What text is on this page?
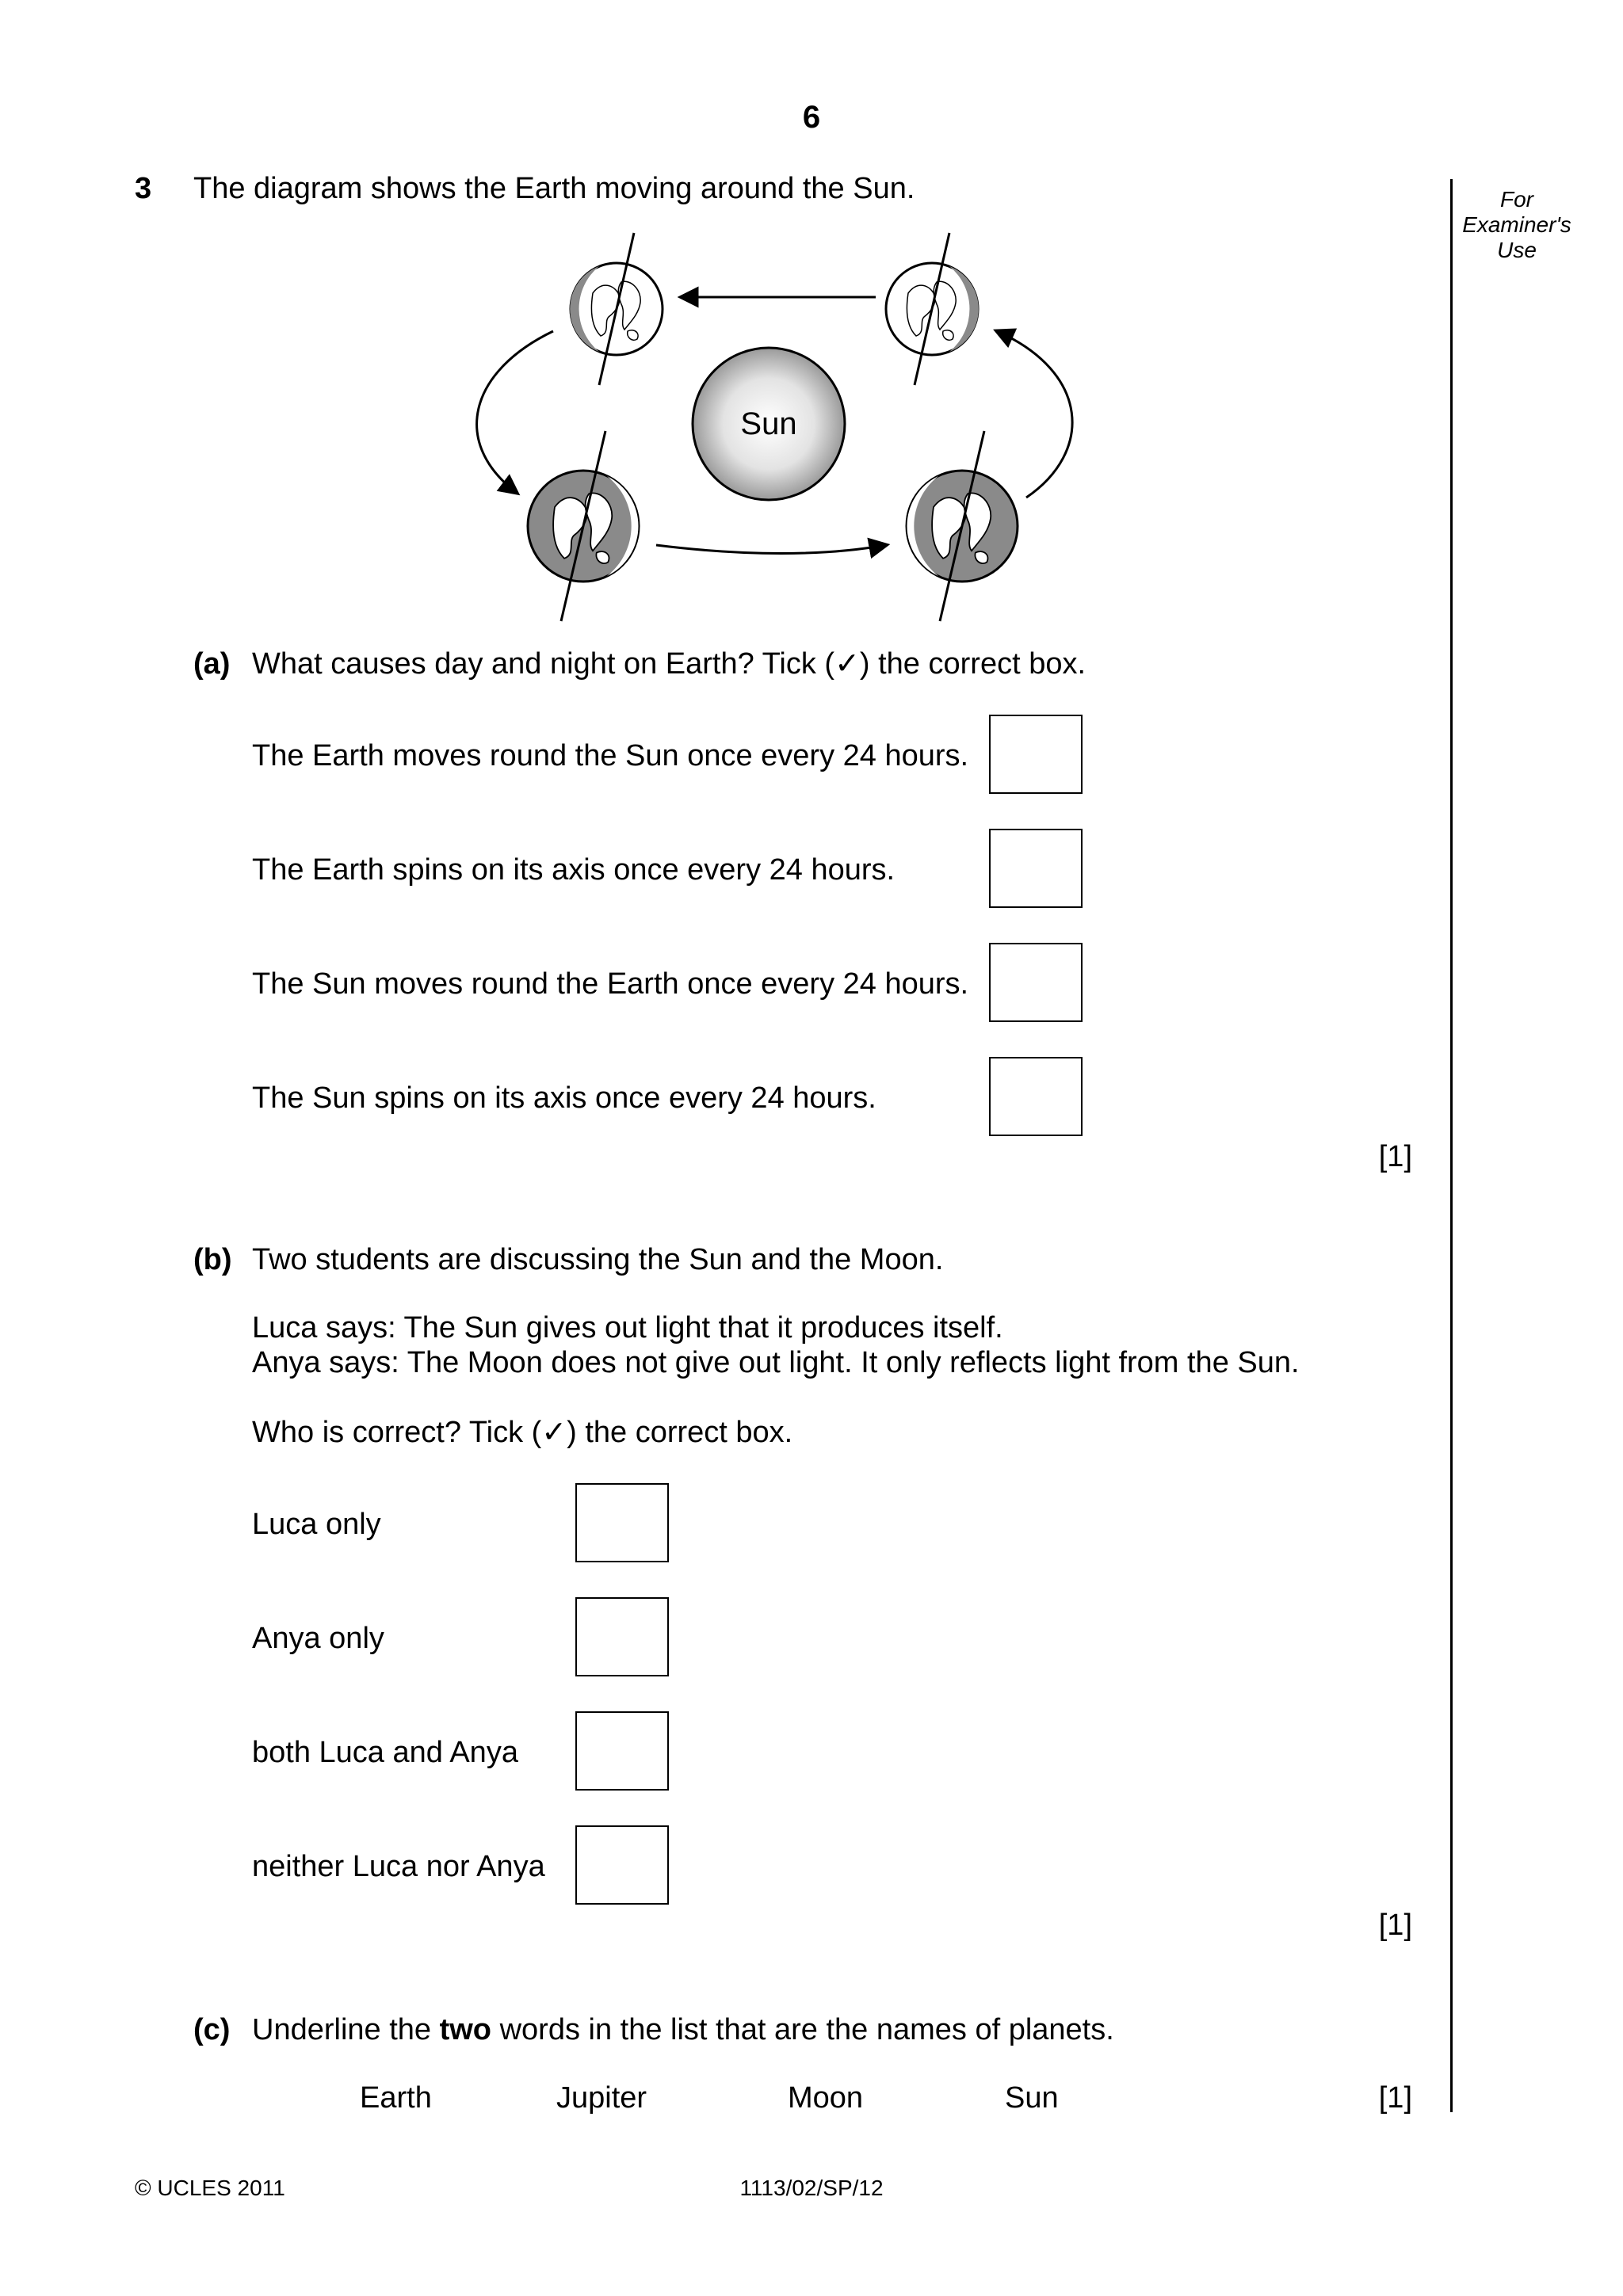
6
For
Examiner's
Use
3 The diagram shows the Earth moving around the Sun.
Sun
(a) What causes day and night on Earth? Tick (✓) the correct box.
The Earth moves round the Sun once every 24 hours.
The Earth spins on its axis once every 24 hours.
The Sun moves round the Earth once every 24 hours.
The Sun spins on its axis once every 24 hours.
[1]
(b) Two students are discussing the Sun and the Moon.
Luca says: The Sun gives out light that it produces itself.
Anya says: The Moon does not give out light. It only reflects light from the Sun.
Who is correct? Tick (✓) the correct box.
Luca only
Anya only
both Luca and Anya
neither Luca nor Anya
[1]
(c) Underline the two words in the list that are the names of planets.
Earth	Jupiter	Moon	Sun	[1]
© UCLES 2011	1113/02/SP/12
